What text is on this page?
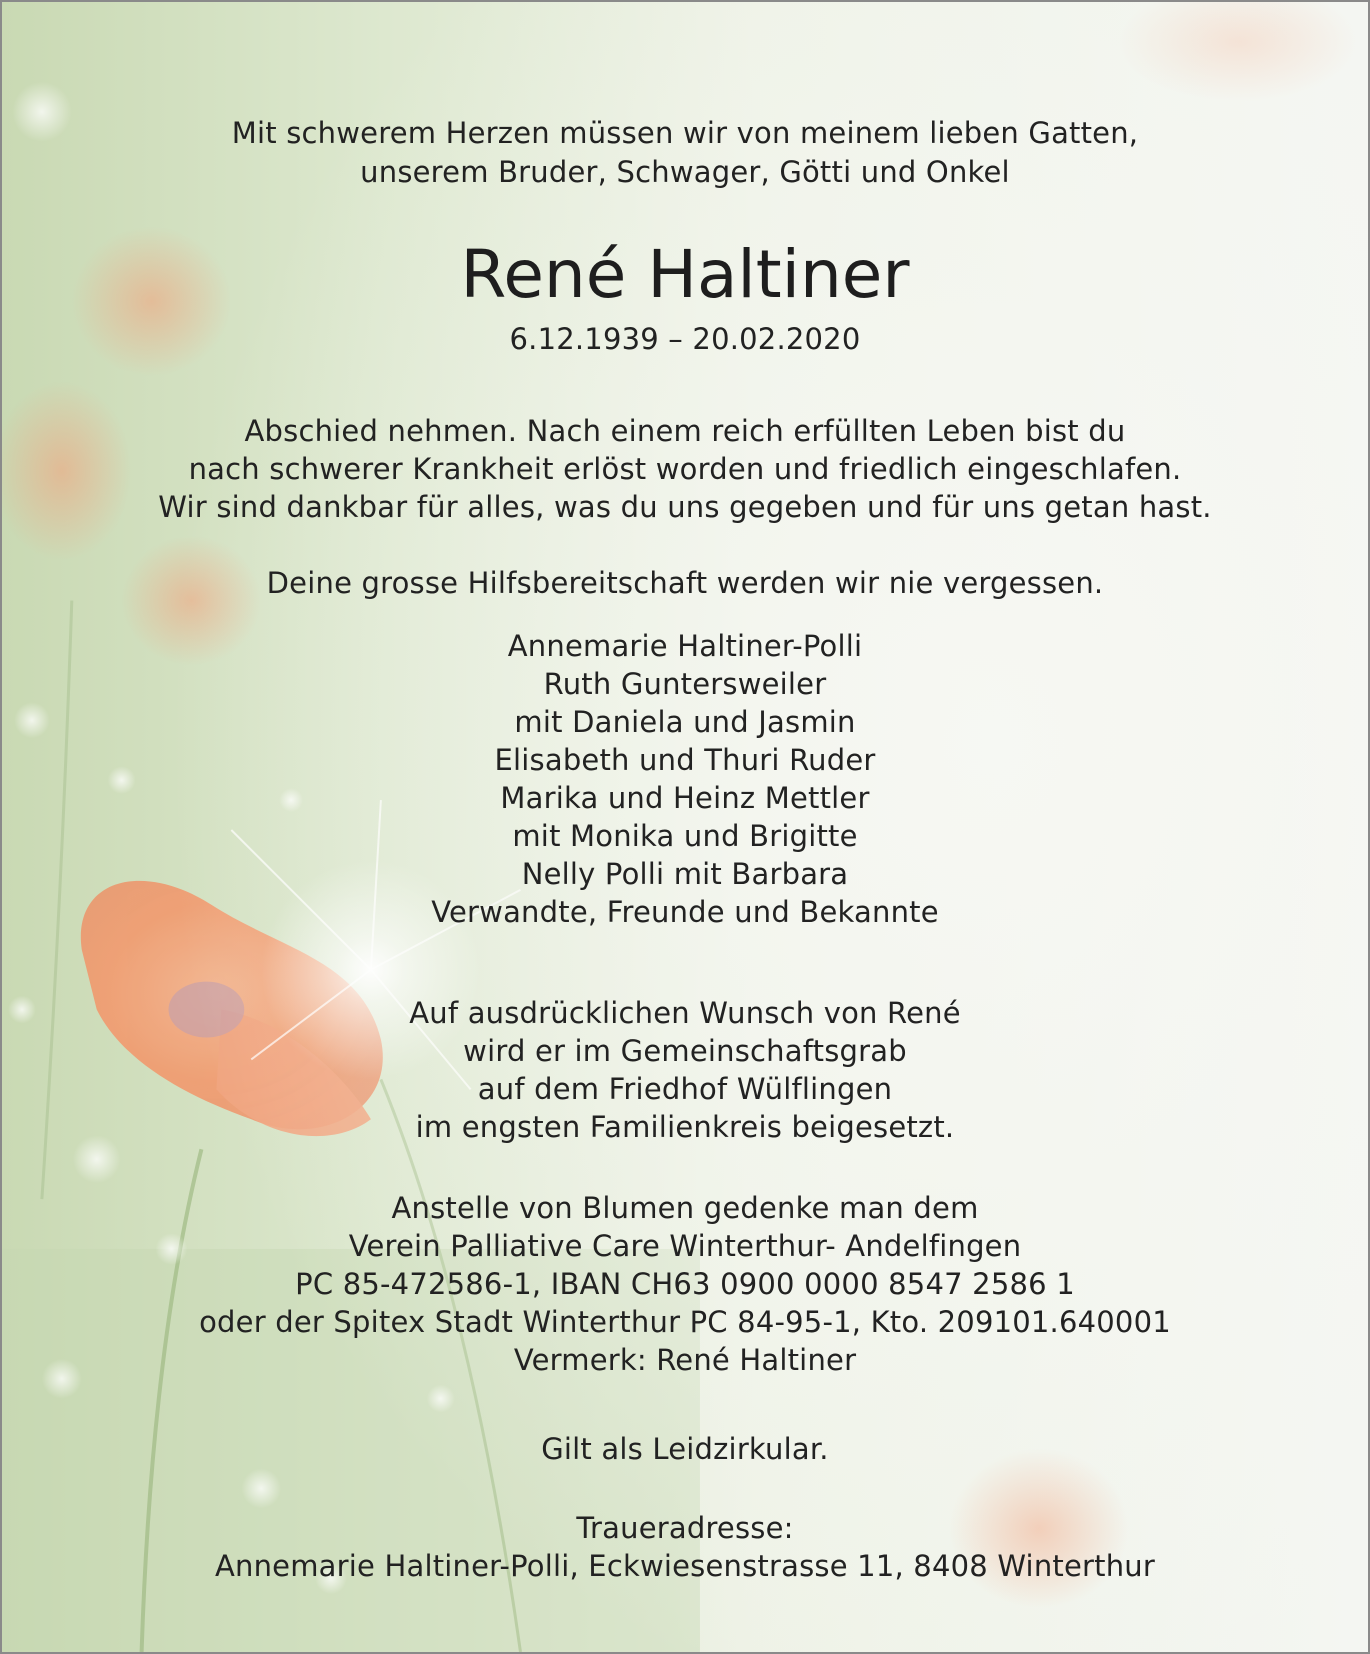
Mit schwerem Herzen müssen wir von meinem lieben Gatten,
unserem Bruder, Schwager, Götti und Onkel
René Haltiner
6.12.1939 – 20.02.2020
Abschied nehmen. Nach einem reich erfüllten Leben bist du
nach schwerer Krankheit erlöst worden und friedlich eingeschlafen.
Wir sind dankbar für alles, was du uns gegeben und für uns getan hast.
Deine grosse Hilfsbereitschaft werden wir nie vergessen.
Annemarie Haltiner-Polli
Ruth Guntersweiler
mit Daniela und Jasmin
Elisabeth und Thuri Ruder
Marika und Heinz Mettler
mit Monika und Brigitte
Nelly Polli mit Barbara
Verwandte, Freunde und Bekannte
Auf ausdrücklichen Wunsch von René
wird er im Gemeinschaftsgrab
auf dem Friedhof Wülflingen
im engsten Familienkreis beigesetzt.
Anstelle von Blumen gedenke man dem
Verein Palliative Care Winterthur- Andelfingen
PC 85-472586-1, IBAN CH63 0900 0000 8547 2586 1
oder der Spitex Stadt Winterthur PC 84-95-1, Kto. 209101.640001
Vermerk: René Haltiner
Gilt als Leidzirkular.
Traueradresse:
Annemarie Haltiner-Polli, Eckwiesenstrasse 11, 8408 Winterthur
